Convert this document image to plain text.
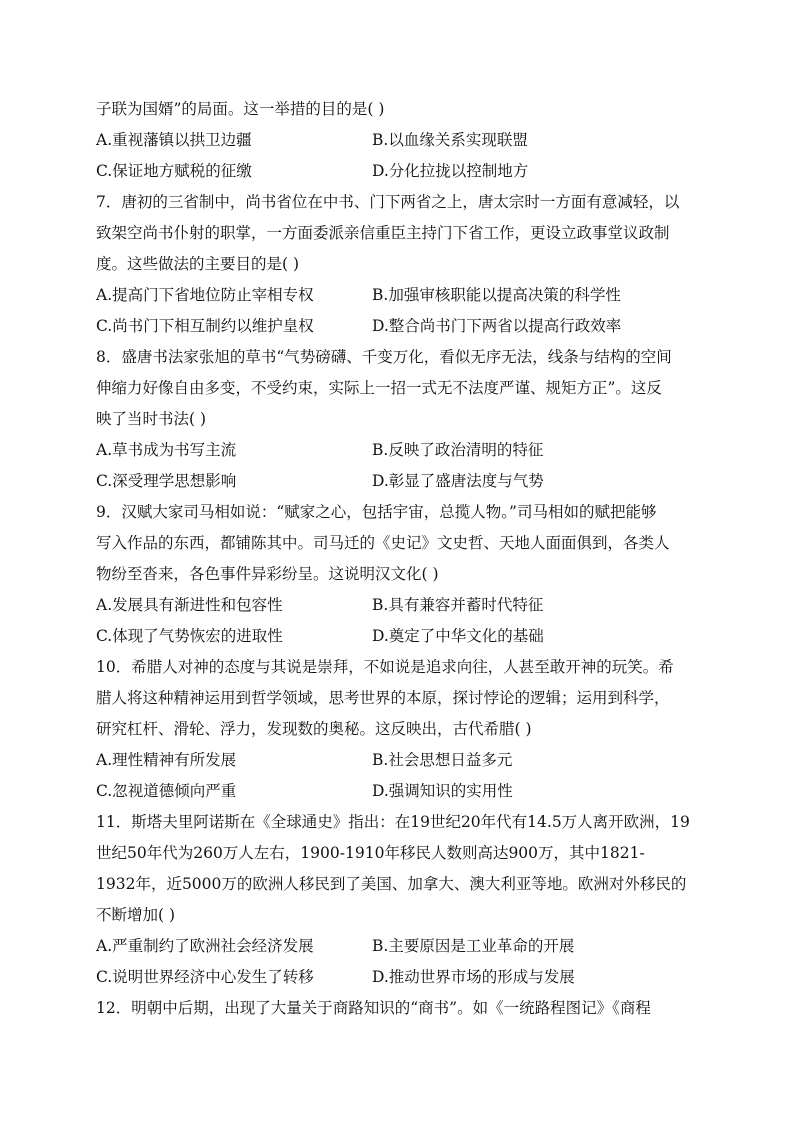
子联为国婿”的局面。这一举措的目的是( )
A.重视藩镇以拱卫边疆	B.以血缘关系实现联盟
C.保证地方赋税的征缴	D.分化拉拢以控制地方
7．唐初的三省制中，尚书省位在中书、门下两省之上，唐太宗时一方面有意减轻，以
致架空尚书仆射的职掌，一方面委派亲信重臣主持门下省工作，更设立政事堂议政制
度。这些做法的主要目的是( )
A.提高门下省地位防止宰相专权	B.加强审核职能以提高决策的科学性
C.尚书门下相互制约以维护皇权	D.整合尚书门下两省以提高行政效率
8．盛唐书法家张旭的草书“气势磅礴、千变万化，看似无序无法，线条与结构的空间
伸缩力好像自由多变，不受约束，实际上一招一式无不法度严谨、规矩方正”。这反
映了当时书法( )
A.草书成为书写主流	B.反映了政治清明的特征
C.深受理学思想影响	D.彰显了盛唐法度与气势
9．汉赋大家司马相如说：“赋家之心，包括宇宙，总揽人物。”司马相如的赋把能够
写入作品的东西，都铺陈其中。司马迁的《史记》文史哲、天地人面面俱到，各类人
物纷至沓来，各色事件异彩纷呈。这说明汉文化( )
A.发展具有渐进性和包容性	B.具有兼容并蓄时代特征
C.体现了气势恢宏的进取性	D.奠定了中华文化的基础
10．希腊人对神的态度与其说是崇拜，不如说是追求向往，人甚至敢开神的玩笑。希
腊人将这种精神运用到哲学领域，思考世界的本原，探讨悖论的逻辑；运用到科学，
研究杠杆、滑轮、浮力，发现数的奥秘。这反映出，古代希腊( )
A.理性精神有所发展	B.社会思想日益多元
C.忽视道德倾向严重	D.强调知识的实用性
11．斯塔夫里阿诺斯在《全球通史》指出：在19世纪20年代有14.5万人离开欧洲，19
世纪50年代为260万人左右，1900-1910年移民人数则高达900万，其中1821-
1932年，近5000万的欧洲人移民到了美国、加拿大、澳大利亚等地。欧洲对外移民的
不断增加( )
A.严重制约了欧洲社会经济发展	B.主要原因是工业革命的开展
C.说明世界经济中心发生了转移	D.推动世界市场的形成与发展
12．明朝中后期，出现了大量关于商路知识的“商书”。如《一统路程图记》《商程
